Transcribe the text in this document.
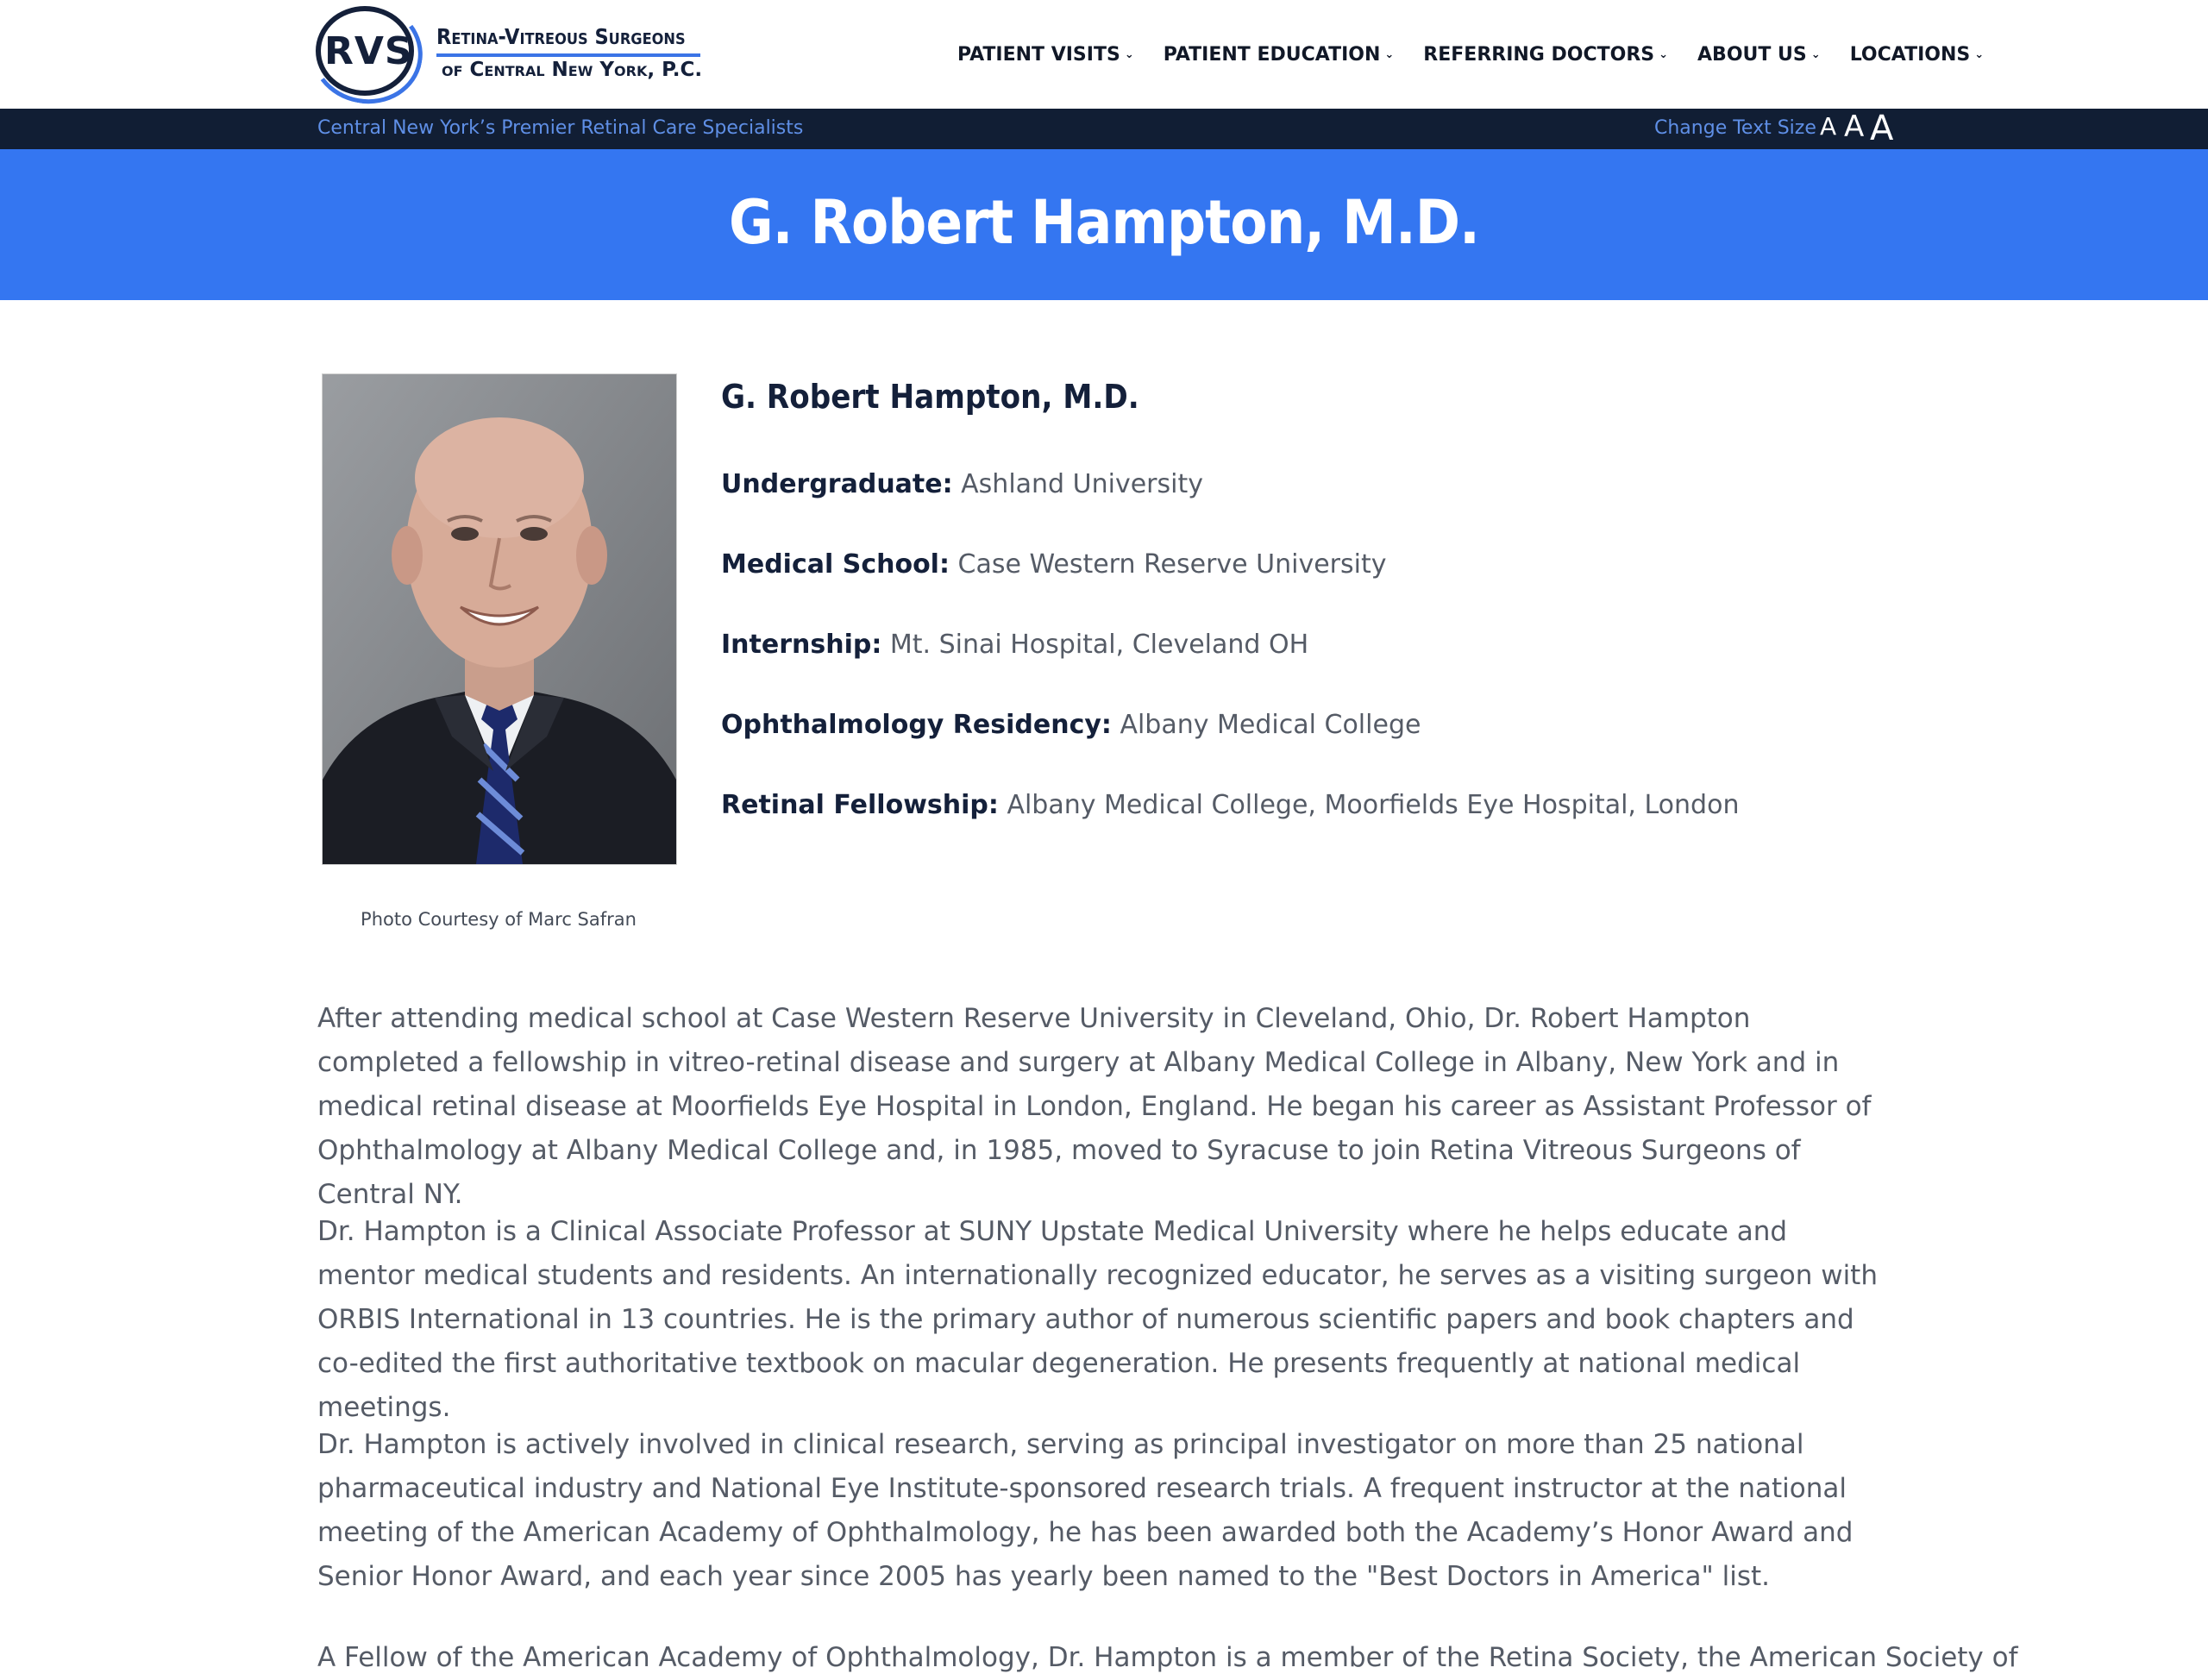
RVS Retina-Vitreous Surgeons
of Central New York, P.C.
PATIENT VISITS ⌄ PATIENT EDUCATION ⌄ REFERRING DOCTORS ⌄ ABOUT US ⌄ LOCATIONS ⌄
Central New York’s Premier Retinal Care Specialists	Change Text Size A A A
G. Robert Hampton, M.D.
Photo Courtesy of Marc Safran
G. Robert Hampton, M.D.
Undergraduate: Ashland University
Medical School: Case Western Reserve University
Internship: Mt. Sinai Hospital, Cleveland OH
Ophthalmology Residency: Albany Medical College
Retinal Fellowship: Albany Medical College, Moorfields Eye Hospital, London

After attending medical school at Case Western Reserve University in Cleveland, Ohio, Dr. Robert Hampton completed a fellowship in vitreo-retinal disease and surgery at Albany Medical College in Albany, New York and in medical retinal disease at Moorfields Eye Hospital in London, England. He began his career as Assistant Professor of Ophthalmology at Albany Medical College and, in 1985, moved to Syracuse to join Retina Vitreous Surgeons of Central NY.

Dr. Hampton is a Clinical Associate Professor at SUNY Upstate Medical University where he helps educate and mentor medical students and residents. An internationally recognized educator, he serves as a visiting surgeon with ORBIS International in 13 countries. He is the primary author of numerous scientific papers and book chapters and co-edited the first authoritative textbook on macular degeneration. He presents frequently at national medical meetings.

Dr. Hampton is actively involved in clinical research, serving as principal investigator on more than 25 national pharmaceutical industry and National Eye Institute-sponsored research trials. A frequent instructor at the national meeting of the American Academy of Ophthalmology, he has been awarded both the Academy’s Honor Award and Senior Honor Award, and each year since 2005 has yearly been named to the "Best Doctors in America" list.

A Fellow of the American Academy of Ophthalmology, Dr. Hampton is a member of the Retina Society, the American Society of
